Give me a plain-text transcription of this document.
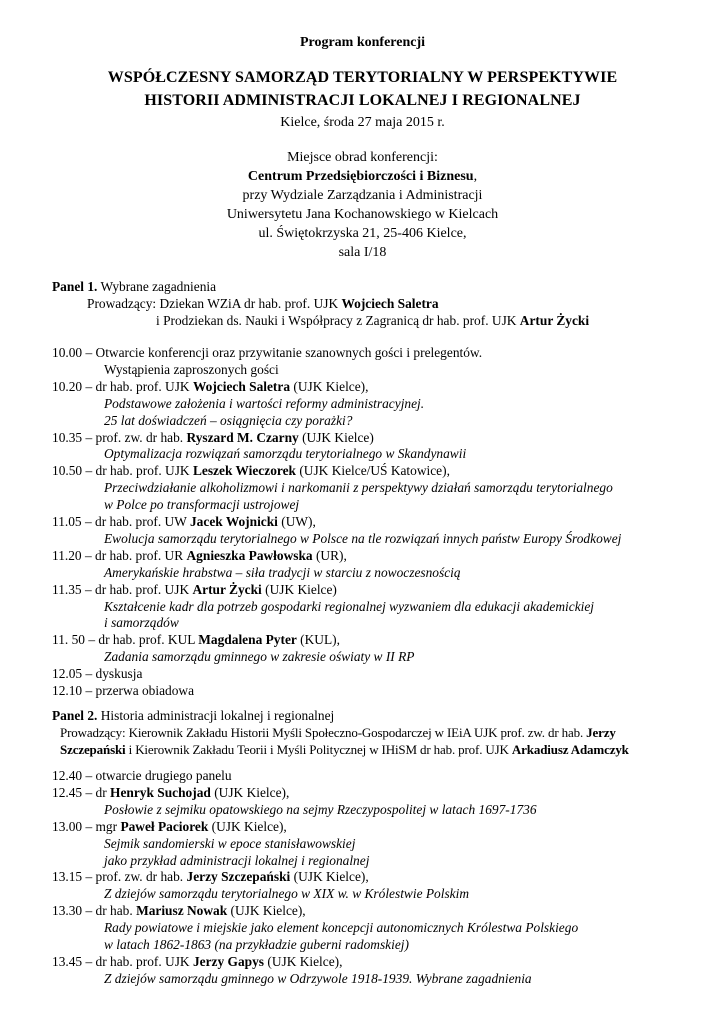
Program konferencji
WSPÓŁCZESNY SAMORZĄD TERYTORIALNY W PERSPEKTYWIE
HISTORII ADMINISTRACJI LOKALNEJ I REGIONALNEJ
Kielce, środa 27 maja 2015 r.
Miejsce obrad konferencji:
Centrum Przedsiębiorczości i Biznesu,
przy Wydziale Zarządzania i Administracji
Uniwersytetu Jana Kochanowskiego w Kielcach
ul. Świętokrzyska 21, 25-406 Kielce,
sala I/18
Panel 1. Wybrane zagadnienia
Prowadzący: Dziekan WZiA dr hab. prof. UJK Wojciech Saletra
i Prodziekan ds. Nauki i Współpracy z Zagranicą dr hab. prof. UJK Artur Życki
10.00 – Otwarcie konferencji oraz przywitanie szanownych gości i prelegentów.
Wystąpienia zaproszonych gości
10.20 – dr hab. prof. UJK Wojciech Saletra (UJK Kielce),
Podstawowe założenia i wartości reformy administracyjnej.
25 lat doświadczeń – osiągnięcia czy porażki?
10.35 – prof. zw. dr hab. Ryszard M. Czarny (UJK Kielce)
Optymalizacja rozwiązań samorządu terytorialnego w Skandynawii
10.50 – dr hab. prof. UJK Leszek Wieczorek (UJK Kielce/UŚ Katowice),
Przeciwdziałanie alkoholizmowi i narkomanii z perspektywy działań samorządu terytorialnego
w Polce po transformacji ustrojowej
11.05 – dr hab. prof. UW Jacek Wojnicki (UW),
Ewolucja samorządu terytorialnego w Polsce na tle rozwiązań innych państw Europy Środkowej
11.20 – dr hab. prof. UR Agnieszka Pawłowska (UR),
Amerykańskie hrabstwa – siła tradycji w starciu z nowoczesnością
11.35 – dr hab. prof. UJK Artur Życki (UJK Kielce)
Kształcenie kadr dla potrzeb gospodarki regionalnej wyzwaniem dla edukacji akademickiej
i samorządów
11. 50 – dr hab. prof. KUL Magdalena Pyter (KUL),
Zadania samorządu gminnego w zakresie oświaty w II RP
12.05 – dyskusja
12.10 – przerwa obiadowa
Panel 2. Historia administracji lokalnej i regionalnej
Prowadzący: Kierownik Zakładu Historii Myśli Społeczno-Gospodarczej w IEiA UJK prof. zw. dr hab. Jerzy
Szczepański i Kierownik Zakładu Teorii i Myśli Politycznej w IHiSM dr hab. prof. UJK Arkadiusz Adamczyk
12.40 – otwarcie drugiego panelu
12.45 – dr Henryk Suchojad (UJK Kielce),
Posłowie z sejmiku opatowskiego na sejmy Rzeczypospolitej w latach 1697-1736
13.00 – mgr Paweł Paciorek (UJK Kielce),
Sejmik sandomierski w epoce stanisławowskiej
jako przykład administracji lokalnej i regionalnej
13.15 – prof. zw. dr hab. Jerzy Szczepański (UJK Kielce),
Z dziejów samorządu terytorialnego w XIX w. w Królestwie Polskim
13.30 – dr hab. Mariusz Nowak (UJK Kielce),
Rady powiatowe i miejskie jako element koncepcji autonomicznych Królestwa Polskiego
w latach 1862-1863 (na przykładzie guberni radomskiej)
13.45 – dr hab. prof. UJK Jerzy Gapys (UJK Kielce),
Z dziejów samorządu gminnego w Odrzywole 1918-1939. Wybrane zagadnienia
